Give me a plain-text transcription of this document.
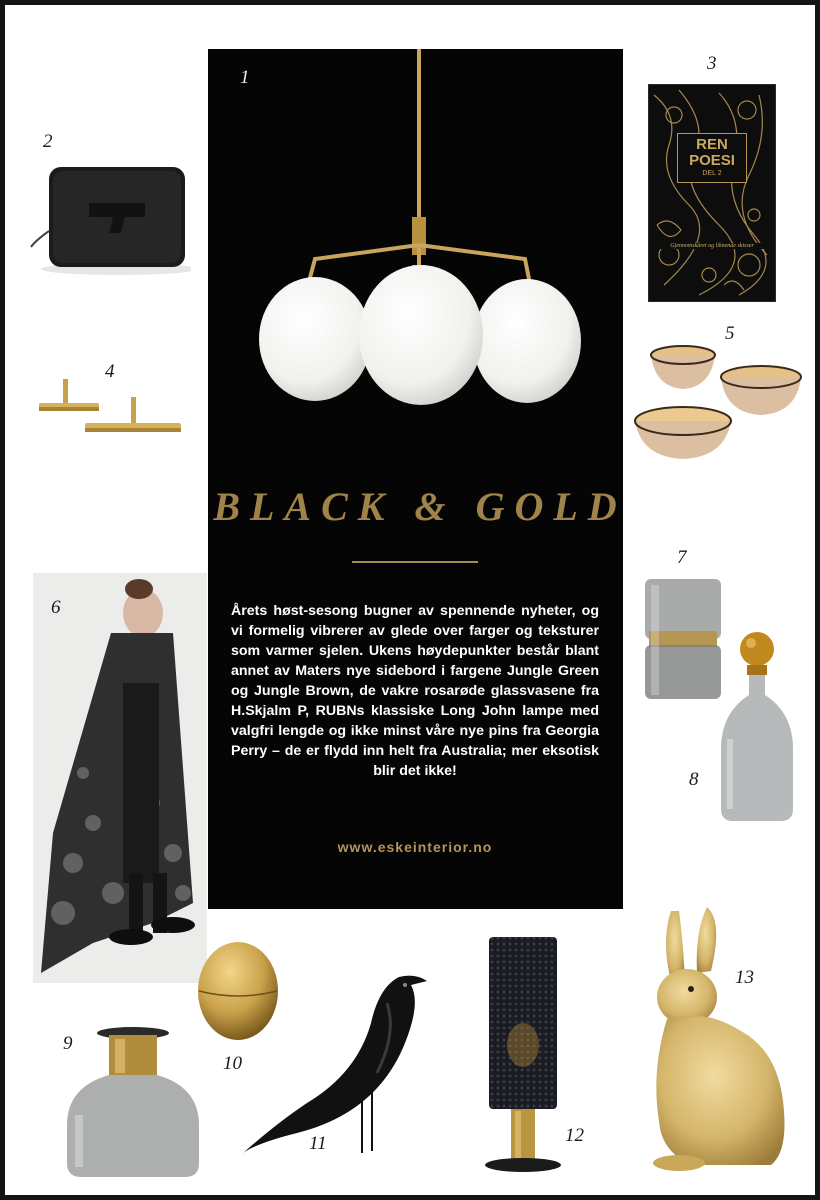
1
2
3
REN
POESI
DEL 2
Gjennomskåret og liknende skisser
4
5
BLACK & GOLD
Årets høst-sesong bugner av spennende nyheter, og vi formelig vibrerer av glede over farger og teksturer som varmer sjelen. Ukens høydepunkter består blant annet av Maters nye sidebord i fargene Jungle Green og Jungle Brown, de vakre rosarøde glassvasene fra H.Skjalm P, RUBNs klassiske Long John lampe med valgfri lengde og ikke minst våre nye pins fra Georgia Perry – de er flydd inn helt fra Australia; mer eksotisk blir det ikke!
www.eskeinterior.no
6
7
8
9
10
11	12
13
